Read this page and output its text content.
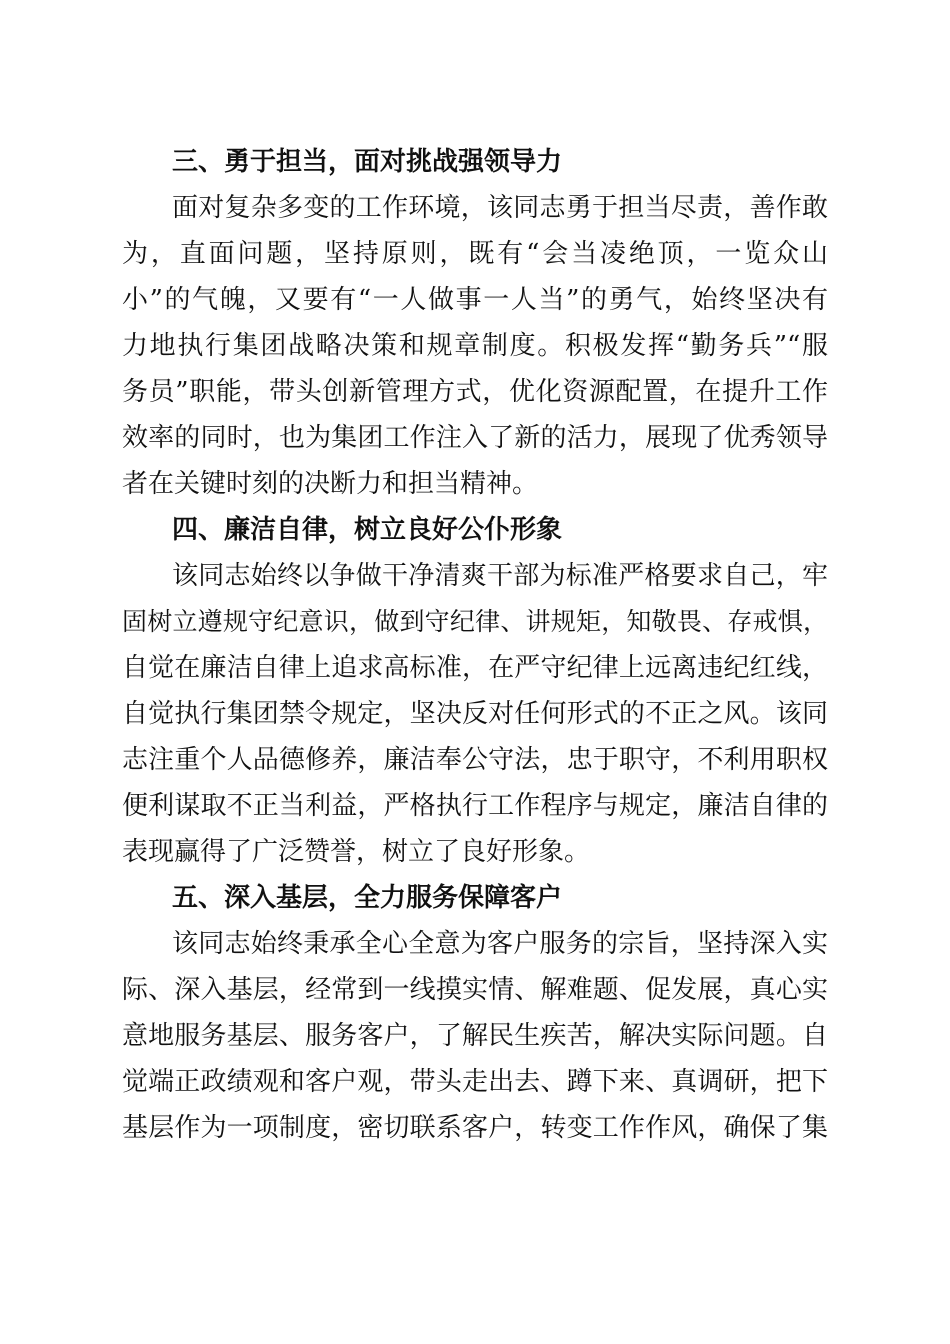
三、勇于担当，面对挑战强领导力
面对复杂多变的工作环境，该同志勇于担当尽责，善作敢
为，直面问题，坚持原则，既有“会当凌绝顶，一览众山
小”的气魄，又要有“一人做事一人当”的勇气，始终坚决有
力地执行集团战略决策和规章制度。积极发挥“勤务兵”“服
务员”职能，带头创新管理方式，优化资源配置，在提升工作
效率的同时，也为集团工作注入了新的活力，展现了优秀领导
者在关键时刻的决断力和担当精神。
四、廉洁自律，树立良好公仆形象
该同志始终以争做干净清爽干部为标准严格要求自己，牢
固树立遵规守纪意识，做到守纪律、讲规矩，知敬畏、存戒惧，
自觉在廉洁自律上追求高标准，在严守纪律上远离违纪红线，
自觉执行集团禁令规定，坚决反对任何形式的不正之风。该同
志注重个人品德修养，廉洁奉公守法，忠于职守，不利用职权
便利谋取不正当利益，严格执行工作程序与规定，廉洁自律的
表现赢得了广泛赞誉，树立了良好形象。
五、深入基层，全力服务保障客户
该同志始终秉承全心全意为客户服务的宗旨，坚持深入实
际、深入基层，经常到一线摸实情、解难题、促发展，真心实
意地服务基层、服务客户，了解民生疾苦，解决实际问题。自
觉端正政绩观和客户观，带头走出去、蹲下来、真调研，把下
基层作为一项制度，密切联系客户，转变工作作风，确保了集
